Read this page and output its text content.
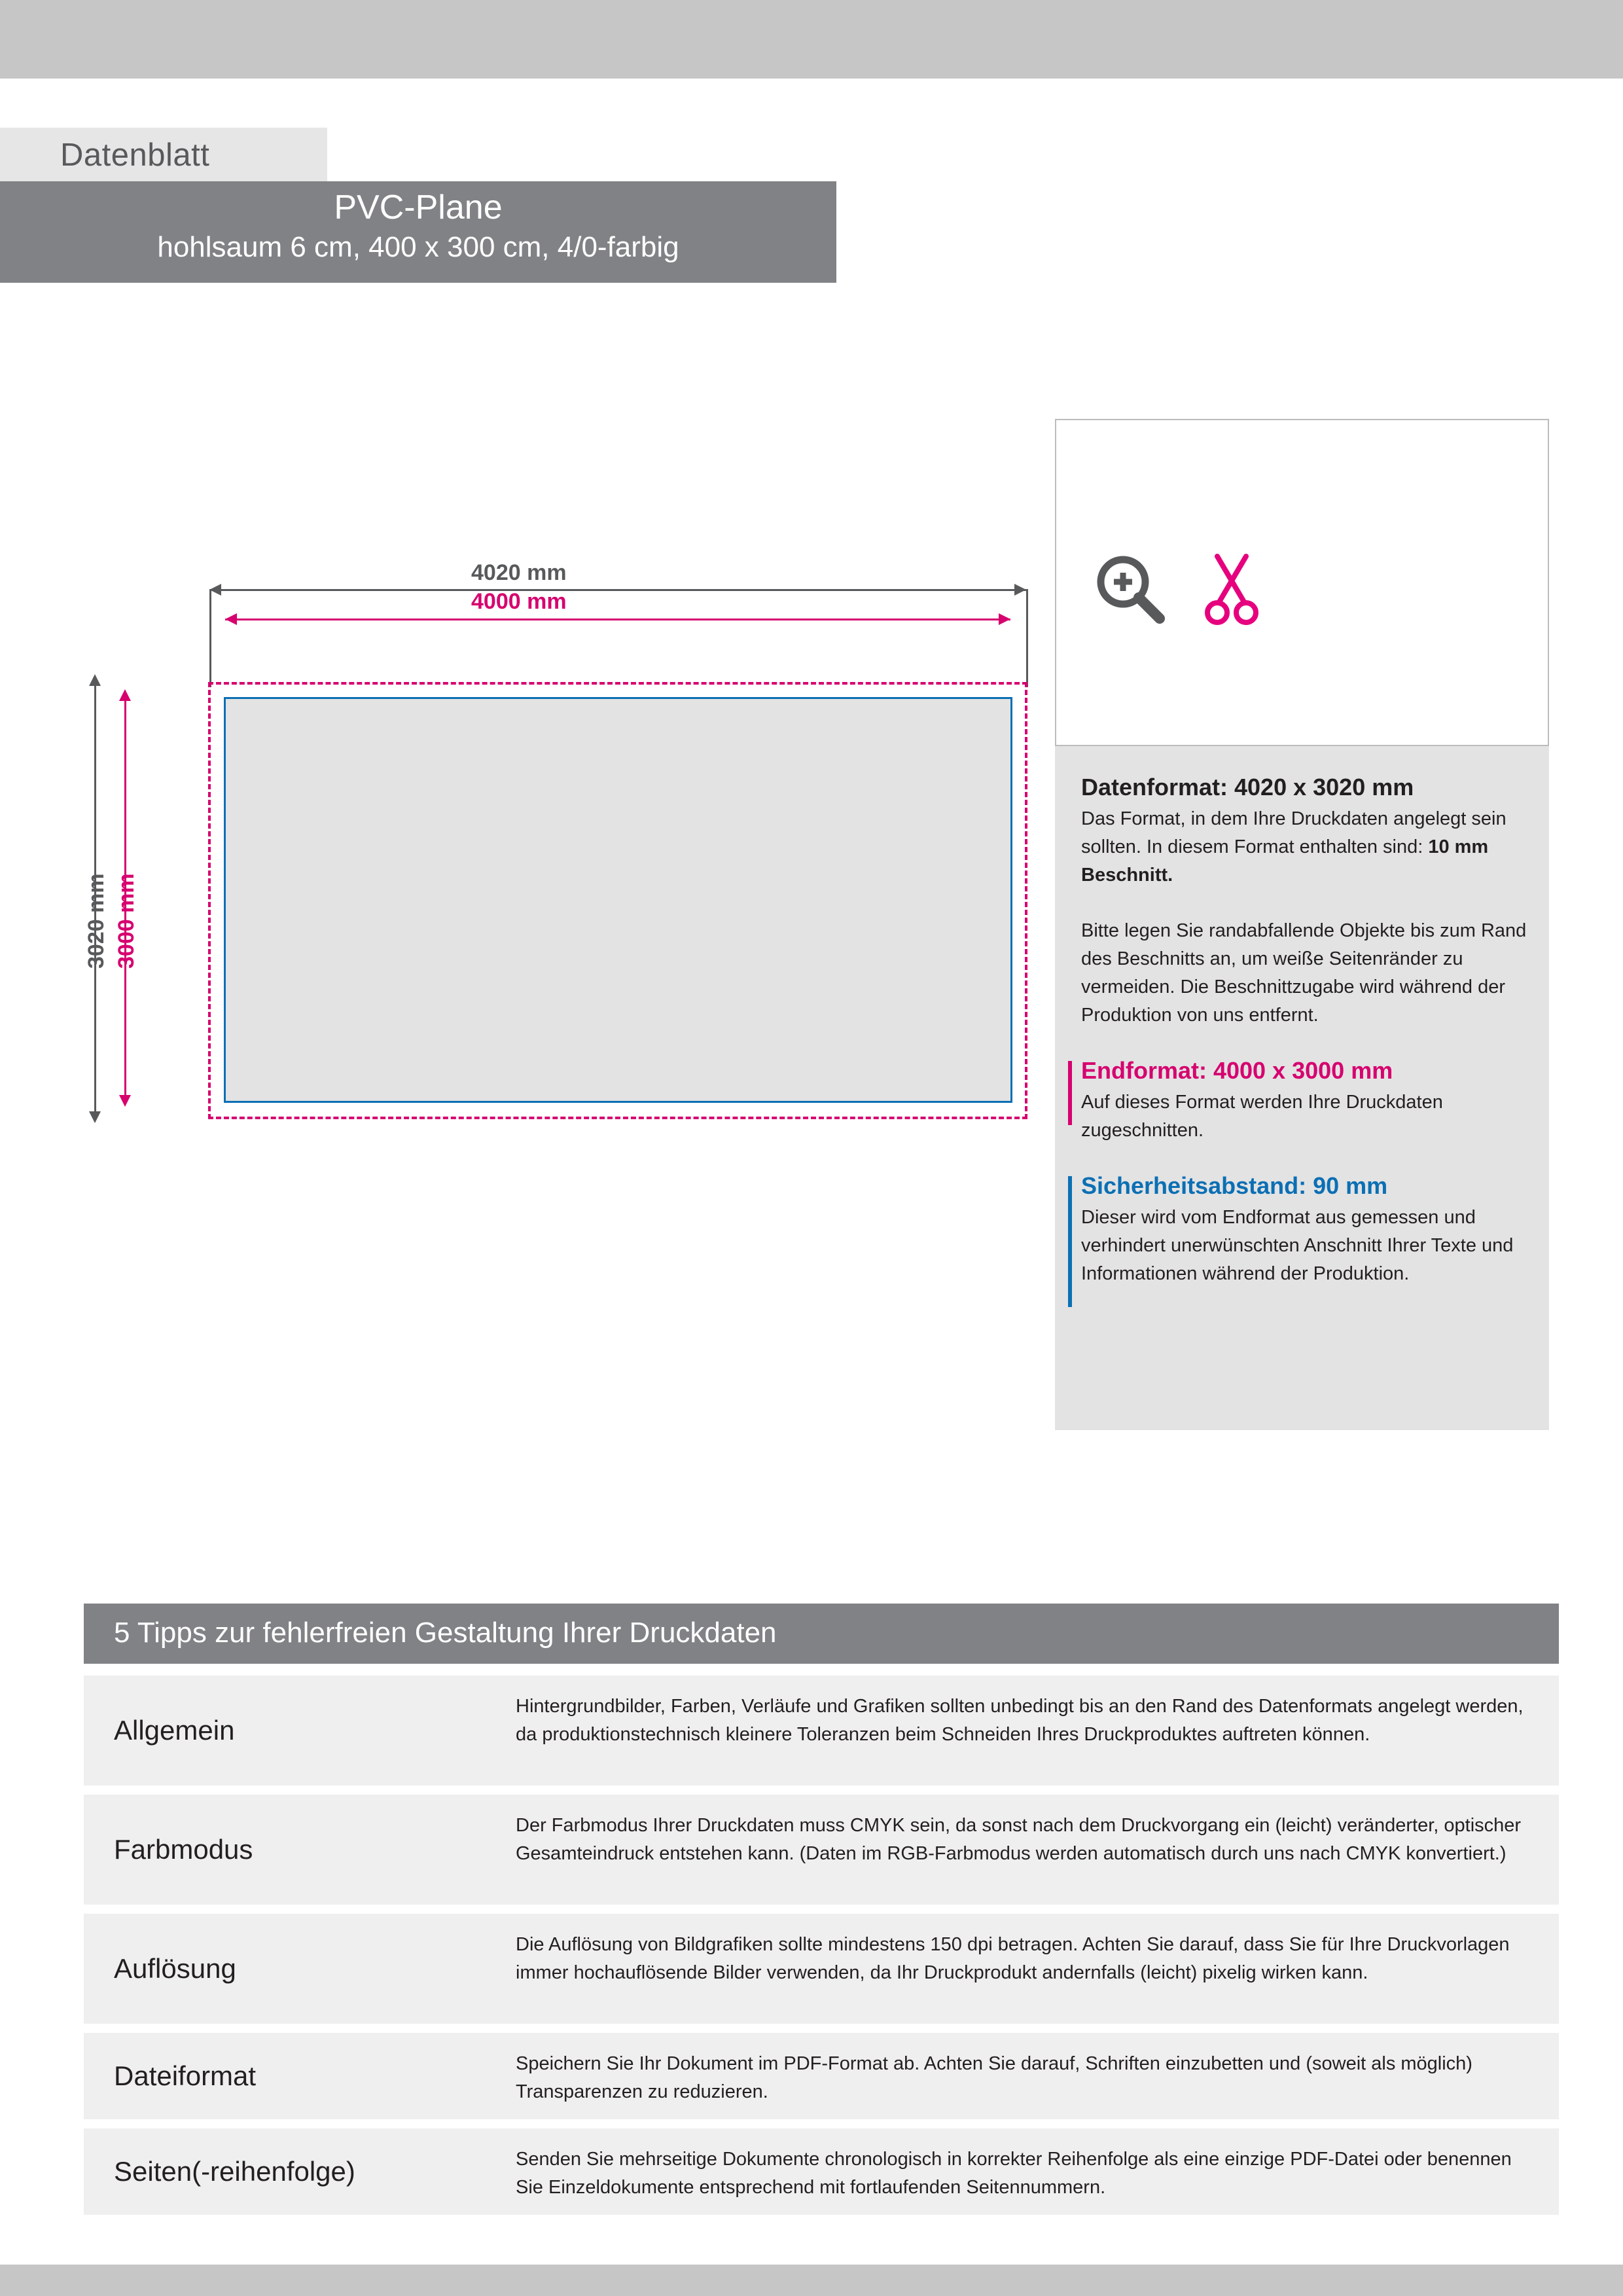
Datenblatt
PVC-Plane
hohlsaum 6 cm, 400 x 300 cm, 4/0-farbig
4020 mm
4000 mm
3020 mm 3000 mm
Datenformat: 4020 x 3020 mm
Das Format, in dem Ihre Druckdaten angelegt sein sollten. In diesem Format enthalten sind: 10 mm Beschnitt.
Bitte legen Sie randabfallende Objekte bis zum Rand des Beschnitts an, um weiße Seitenränder zu vermeiden. Die Beschnittzugabe wird während der Produktion von uns entfernt.
Endformat: 4000 x 3000 mm
Auf dieses Format werden Ihre Druckdaten zugeschnitten.
Sicherheitsabstand: 90 mm
Dieser wird vom Endformat aus gemessen und verhindert unerwünschten Anschnitt Ihrer Texte und Informationen während der Produktion.
5 Tipps zur fehlerfreien Gestaltung Ihrer Druckdaten
Allgemein
Hintergrundbilder, Farben, Verläufe und Grafiken sollten unbedingt bis an den Rand des Datenformats angelegt werden, da produktionstechnisch kleinere Toleranzen beim Schneiden Ihres Druckproduktes auftreten können.
Farbmodus
Der Farbmodus Ihrer Druckdaten muss CMYK sein, da sonst nach dem Druckvorgang ein (leicht) veränderter, optischer Gesamteindruck entstehen kann. (Daten im RGB-Farbmodus werden automatisch durch uns nach CMYK konvertiert.)
Auflösung
Die Auflösung von Bildgrafiken sollte mindestens 150 dpi betragen. Achten Sie darauf, dass Sie für Ihre Druckvorlagen immer hochauflösende Bilder verwenden, da Ihr Druckprodukt andernfalls (leicht) pixelig wirken kann.
Dateiformat	Speichern Sie Ihr Dokument im PDF-Format ab. Achten Sie darauf, Schriften einzubetten und (soweit als möglich) Transparenzen zu reduzieren.
Seiten(-reihenfolge)	Senden Sie mehrseitige Dokumente chronologisch in korrekter Reihenfolge als eine einzige PDF-Datei oder benennen Sie Einzeldokumente entsprechend mit fortlaufenden Seitennummern.
